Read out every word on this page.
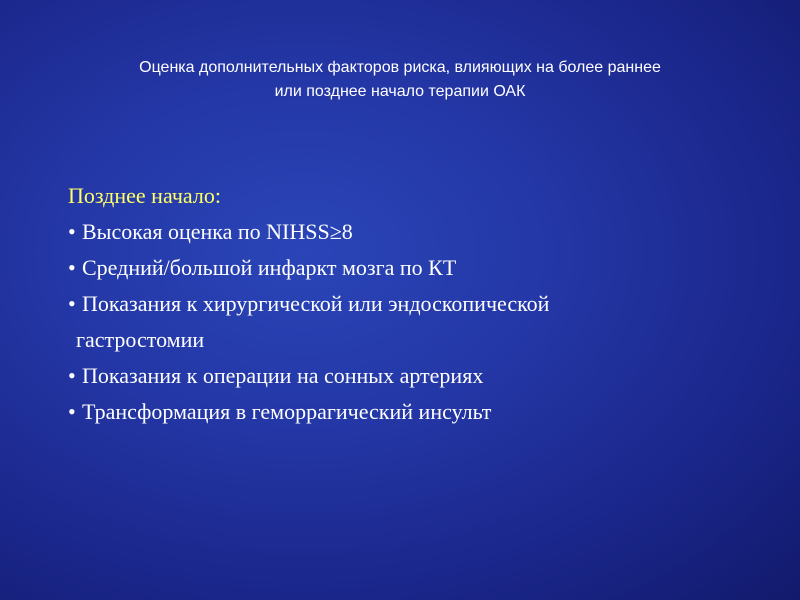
Оценка дополнительных факторов риска, влияющих на более раннее
или позднее начало терапии ОАК
Позднее начало:
• Высокая оценка по NIHSS≥8
• Средний/большой инфаркт мозга по КТ
• Показания к хирургической или эндоскопической
гастростомии
• Показания к операции на сонных артериях
• Трансформация в геморрагический инсульт
